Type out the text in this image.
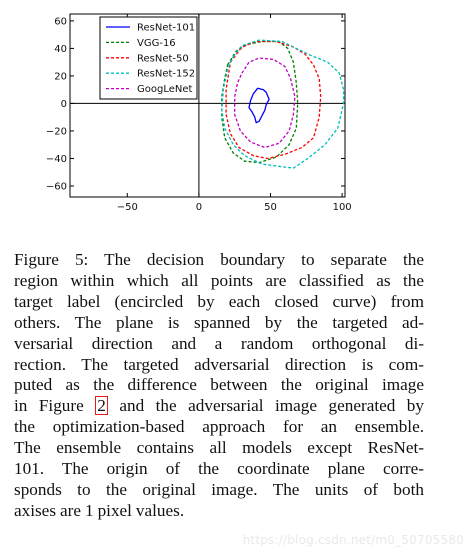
−50	0	50	100
60
40
20
0
−20
−40
−60
ResNet-101
VGG-16
ResNet-50
ResNet-152
GoogLeNet
Figure 5: The decision boundary to separate the
region within which all points are classified as the
target label (encircled by each closed curve) from
others. The plane is spanned by the targeted ad-
versarial direction and a random orthogonal di-
rection. The targeted adversarial direction is com-
puted as the difference between the original image
in Figure 2 and the adversarial image generated by
the optimization-based approach for an ensemble.
The ensemble contains all models except ResNet-
101. The origin of the coordinate plane corre-
sponds to the original image. The units of both
axises are 1 pixel values.
https://blog.csdn.net/m0_50705580
